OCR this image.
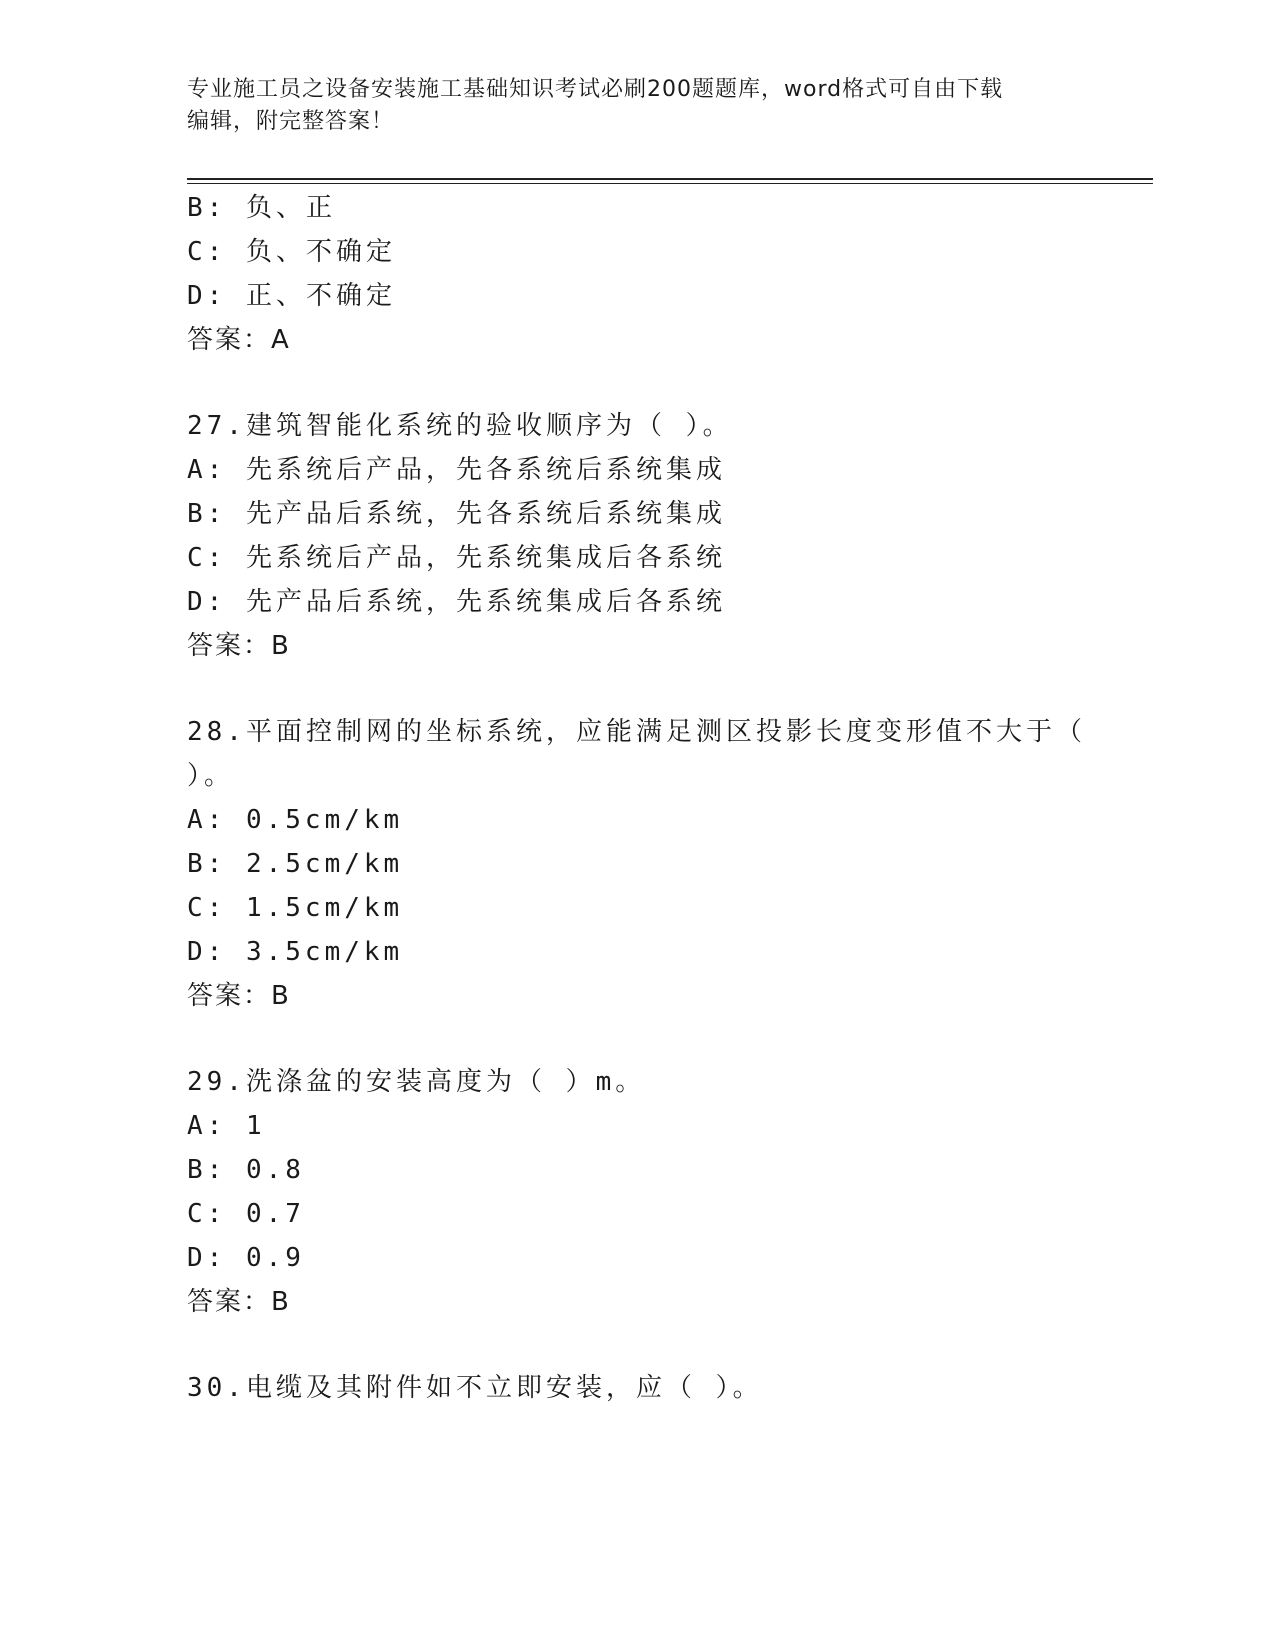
专业施工员之设备安装施工基础知识考试必刷200题题库，word格式可自由下载
编辑，附完整答案！
B: 负、正
C: 负、不确定
D: 正、不确定
答案：A
27.建筑智能化系统的验收顺序为（ ）。
A: 先系统后产品，先各系统后系统集成
B: 先产品后系统，先各系统后系统集成
C: 先系统后产品，先系统集成后各系统
D: 先产品后系统，先系统集成后各系统
答案：B
28.平面控制网的坐标系统，应能满足测区投影长度变形值不大于（
）。
A: 0.5cm/km
B: 2.5cm/km
C: 1.5cm/km
D: 3.5cm/km
答案：B
29.洗涤盆的安装高度为（ ）m。
A: 1
B: 0.8
C: 0.7
D: 0.9
答案：B
30.电缆及其附件如不立即安装，应（ ）。
